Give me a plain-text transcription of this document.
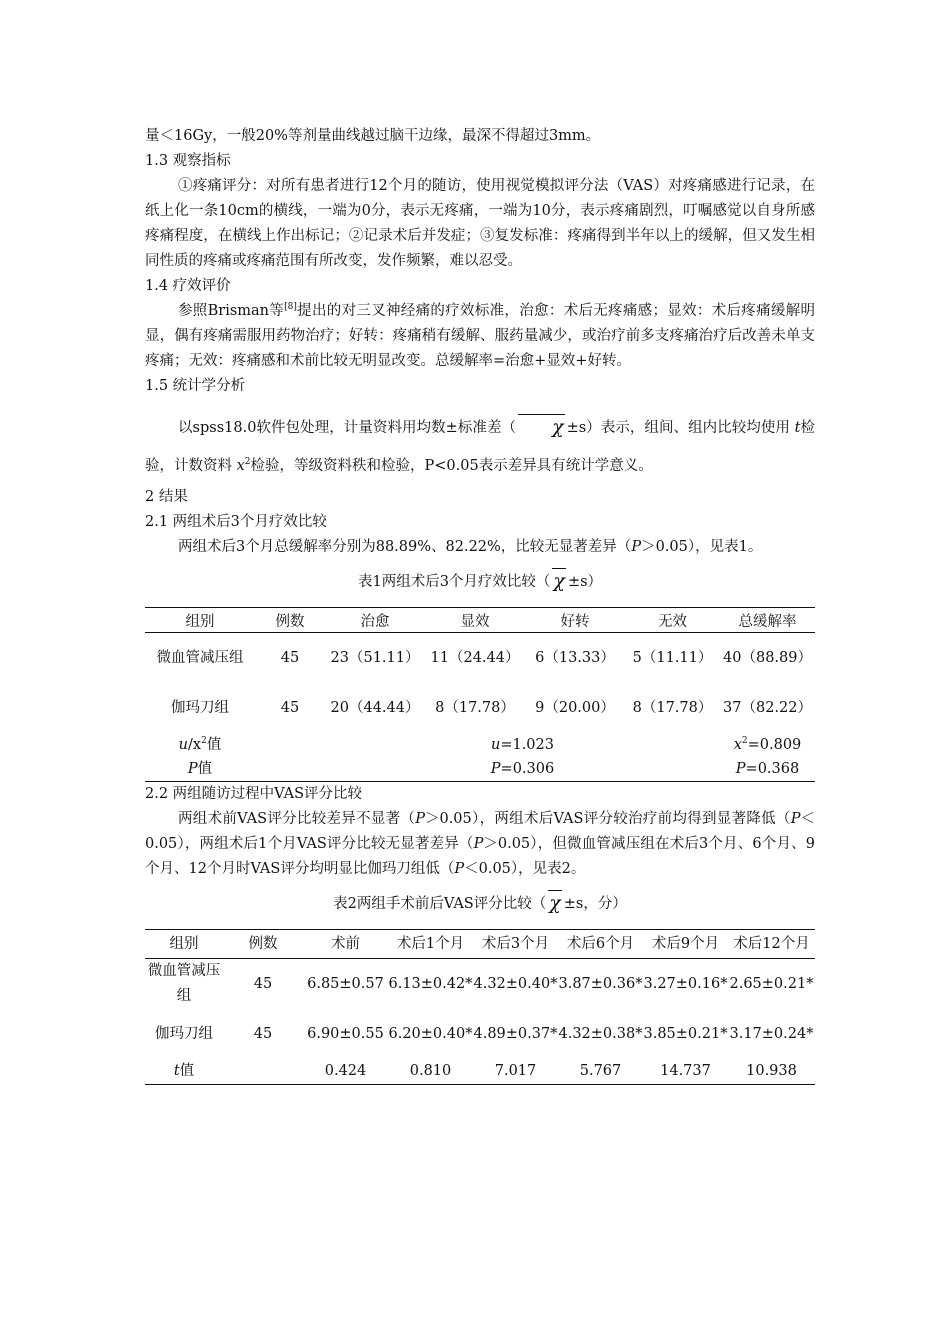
量＜16Gy，一般20%等剂量曲线越过脑干边缘，最深不得超过3mm。

1.3 观察指标

①疼痛评分：对所有患者进行12个月的随访，使用视觉模拟评分法（VAS）对疼痛感进行记录，在纸上化一条10cm的横线，一端为0分，表示无疼痛，一端为10分，表示疼痛剧烈，叮嘱感觉以自身所感疼痛程度，在横线上作出标记；②记录术后并发症；③复发标准：疼痛得到半年以上的缓解，但又发生相同性质的疼痛或疼痛范围有所改变，发作频繁，难以忍受。

1.4 疗效评价

参照Brisman等[8]提出的对三叉神经痛的疗效标准，治愈：术后无疼痛感；显效：术后疼痛缓解明显，偶有疼痛需服用药物治疗；好转：疼痛稍有缓解、服药量减少，或治疗前多支疼痛治疗后改善未单支疼痛；无效：疼痛感和术前比较无明显改变。总缓解率=治愈+显效+好转。

1.5 统计学分析

以spss18.0软件包处理，计量资料用均数±标准差（ χ ±s）表示，组间、组内比较均使用 t检验，计数资料 $x^2$检验，等级资料秩和检验，P<0.05表示差异具有统计学意义。

2 结果

2.1 两组术后3个月疗效比较

两组术后3个月总缓解率分别为88.89%、82.22%，比较无显著差异（P＞0.05），见表1。

表1两组术后3个月疗效比较（ χ ±s）
组别	例数	治愈	显效	好转	无效	总缓解率
微血管减压组	45	23（51.11）	11（24.44）	6（13.33）	5（11.11）	40（88.89）
伽玛刀组	45	20（44.44）	8（17.78）	9（20.00）	8（17.78）	37（82.22）
$u/x^2$值		u=1.023				$x^2=0.809$
P值		P=0.306				P=0.368

2.2 两组随访过程中VAS评分比较

两组术前VAS评分比较差异不显著（P＞0.05），两组术后VAS评分较治疗前均得到显著降低（P＜0.05），两组术后1个月VAS评分比较无显著差异（P＞0.05），但微血管减压组在术后3个月、6个月、9个月、12个月时VAS评分均明显比伽玛刀组低（P＜0.05），见表2。

表2两组手术前后VAS评分比较（ χ ±s，分）
组别	例数	术前	术后1个月	术后3个月	术后6个月	术后9个月	术后12个月
微血管减压组	45	6.85±0.57	6.13±0.42*	4.32±0.40*	3.87±0.36*	3.27±0.16*	2.65±0.21*
伽玛刀组	45	6.90±0.55	6.20±0.40*	4.89±0.37*	4.32±0.38*	3.85±0.21*	3.17±0.24*
t值		0.424	0.810	7.017	5.767	14.737	10.938
